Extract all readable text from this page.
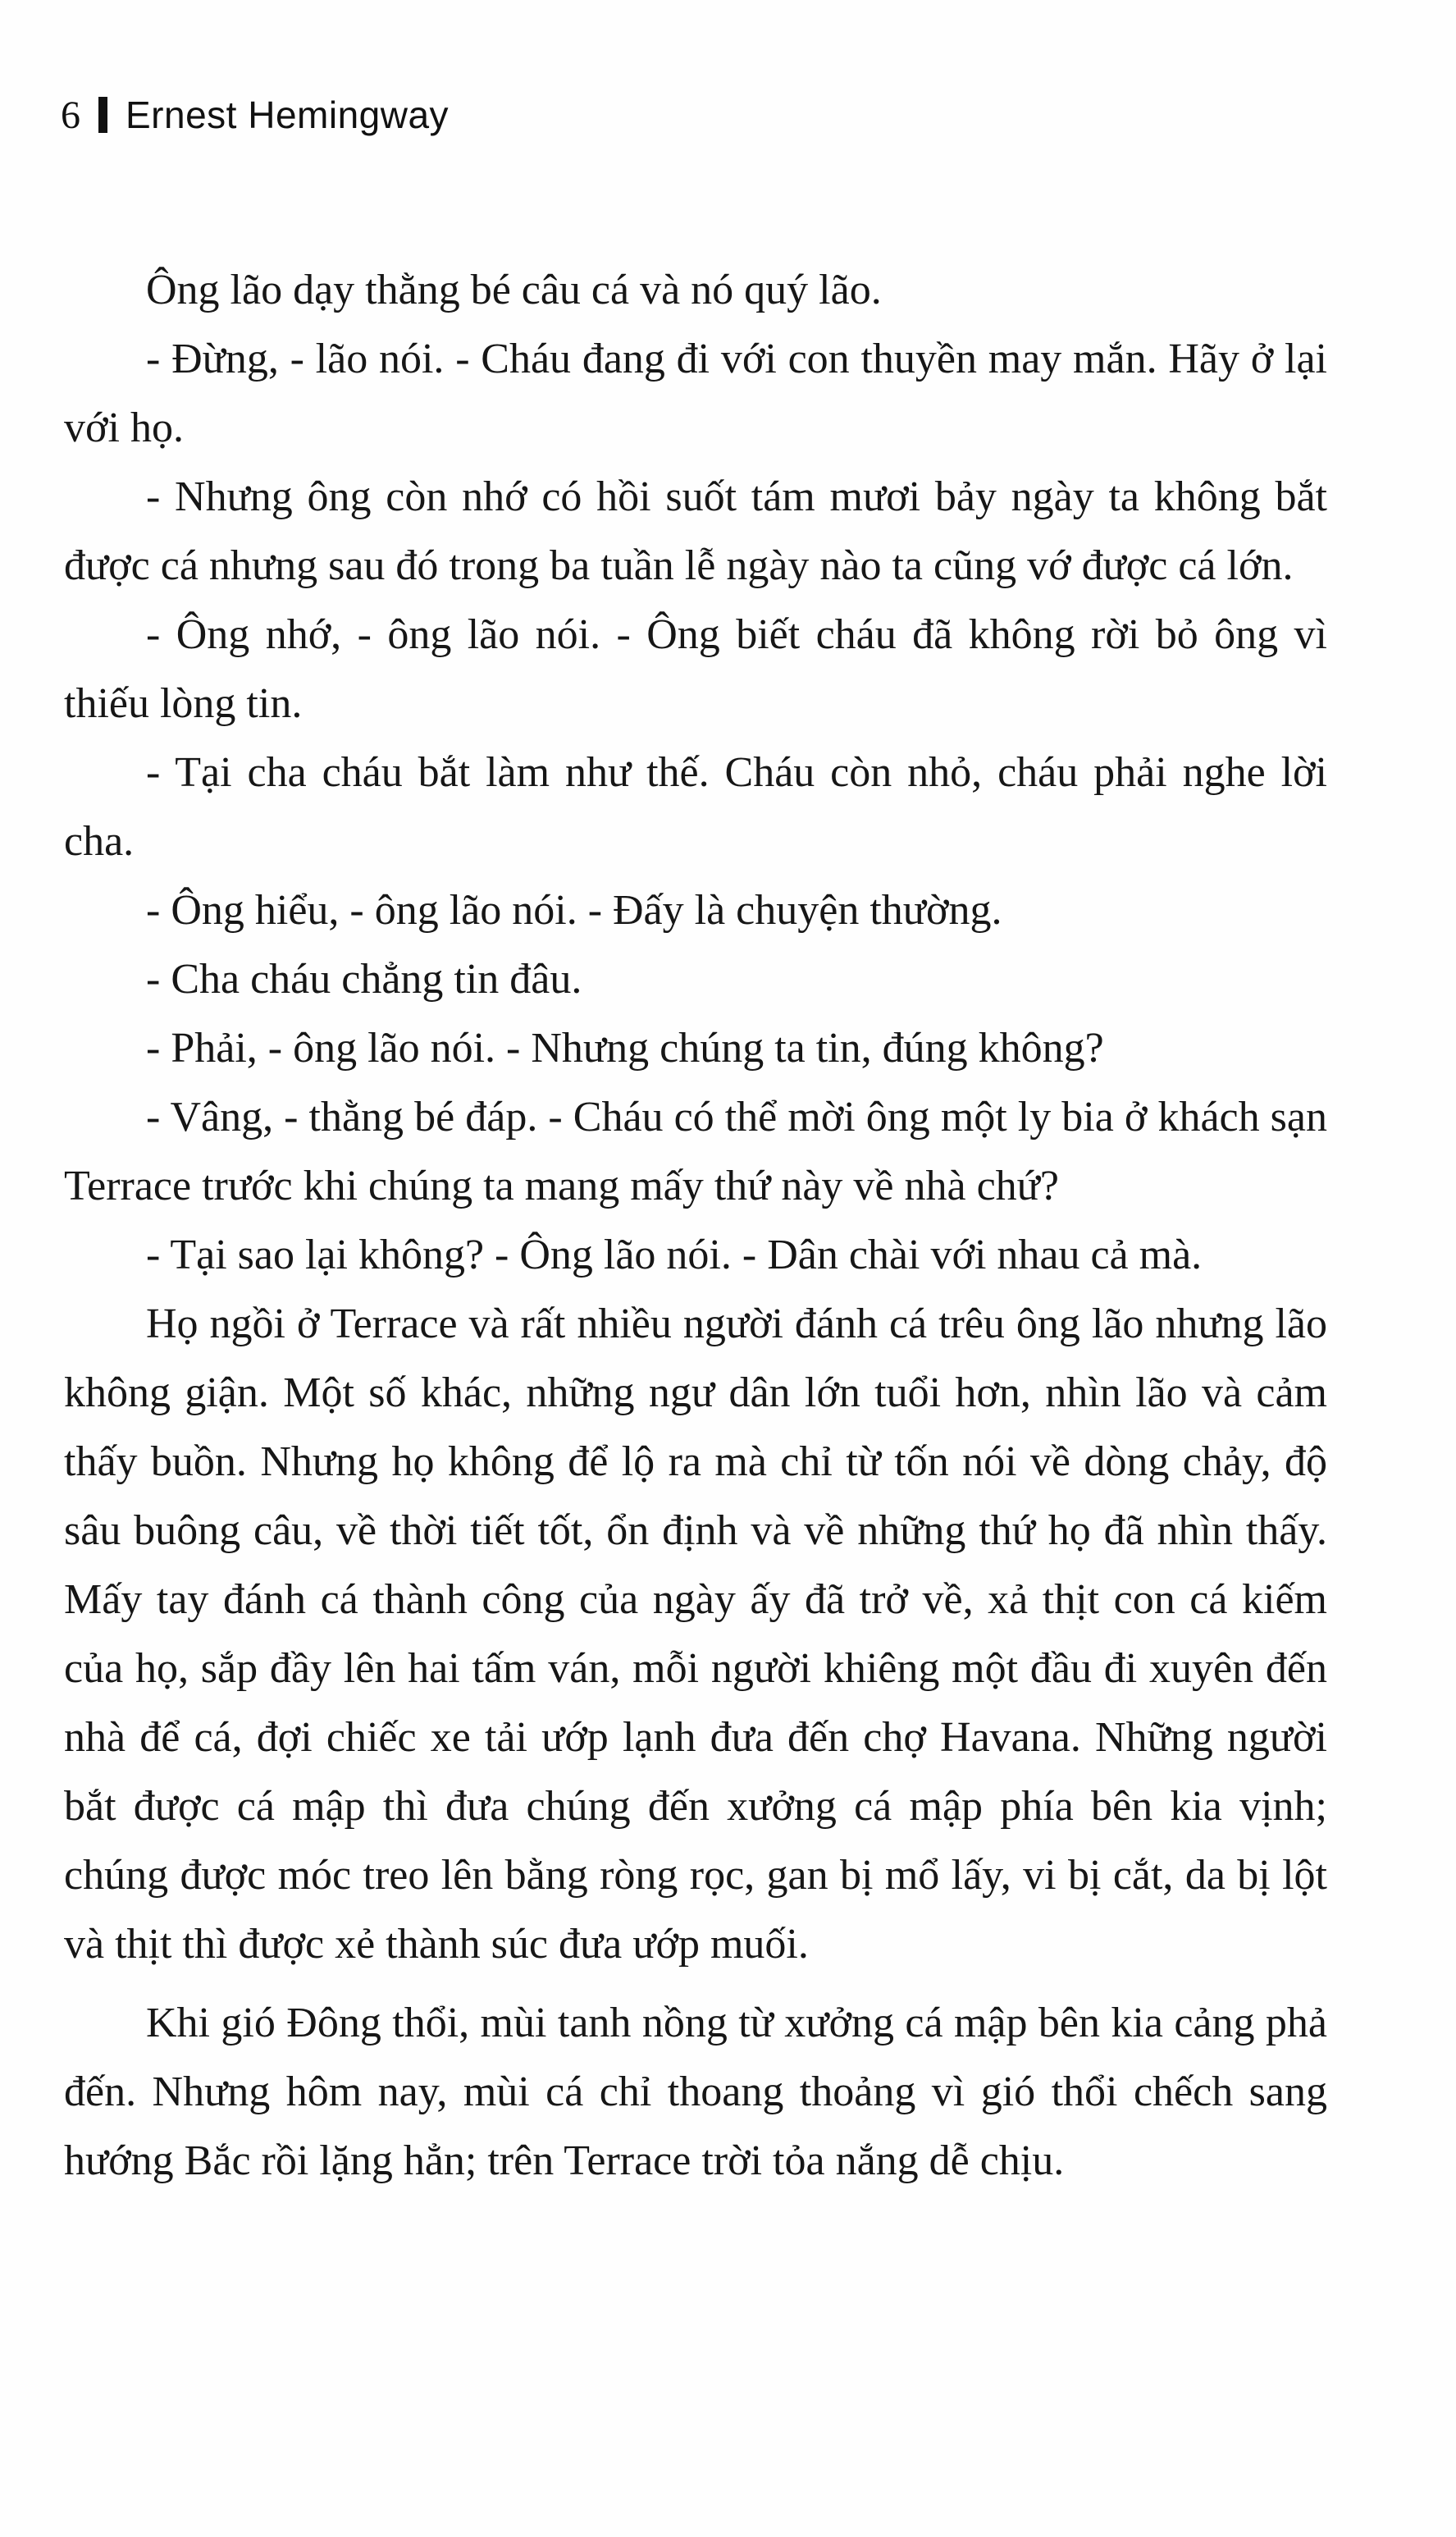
6 Ernest Hemingway

Ông lão dạy thằng bé câu cá và nó quý lão.

- Đừng, - lão nói. - Cháu đang đi với con thuyền may mắn. Hãy ở lại với họ.

- Nhưng ông còn nhớ có hồi suốt tám mươi bảy ngày ta không bắt được cá nhưng sau đó trong ba tuần lễ ngày nào ta cũng vớ được cá lớn.

- Ông nhớ, - ông lão nói. - Ông biết cháu đã không rời bỏ ông vì thiếu lòng tin.

- Tại cha cháu bắt làm như thế. Cháu còn nhỏ, cháu phải nghe lời cha.

- Ông hiểu, - ông lão nói. - Đấy là chuyện thường.

- Cha cháu chẳng tin đâu.

- Phải, - ông lão nói. - Nhưng chúng ta tin, đúng không?

- Vâng, - thằng bé đáp. - Cháu có thể mời ông một ly bia ở khách sạn Terrace trước khi chúng ta mang mấy thứ này về nhà chứ?

- Tại sao lại không? - Ông lão nói. - Dân chài với nhau cả mà.

Họ ngồi ở Terrace và rất nhiều người đánh cá trêu ông lão nhưng lão không giận. Một số khác, những ngư dân lớn tuổi hơn, nhìn lão và cảm thấy buồn. Nhưng họ không để lộ ra mà chỉ từ tốn nói về dòng chảy, độ sâu buông câu, về thời tiết tốt, ổn định và về những thứ họ đã nhìn thấy. Mấy tay đánh cá thành công của ngày ấy đã trở về, xả thịt con cá kiếm của họ, sắp đầy lên hai tấm ván, mỗi người khiêng một đầu đi xuyên đến nhà để cá, đợi chiếc xe tải ướp lạnh đưa đến chợ Havana. Những người bắt được cá mập thì đưa chúng đến xưởng cá mập phía bên kia vịnh; chúng được móc treo lên bằng ròng rọc, gan bị mổ lấy, vi bị cắt, da bị lột và thịt thì được xẻ thành súc đưa ướp muối.

Khi gió Đông thổi, mùi tanh nồng từ xưởng cá mập bên kia cảng phả đến. Nhưng hôm nay, mùi cá chỉ thoang thoảng vì gió thổi chếch sang hướng Bắc rồi lặng hẳn; trên Terrace trời tỏa nắng dễ chịu.
